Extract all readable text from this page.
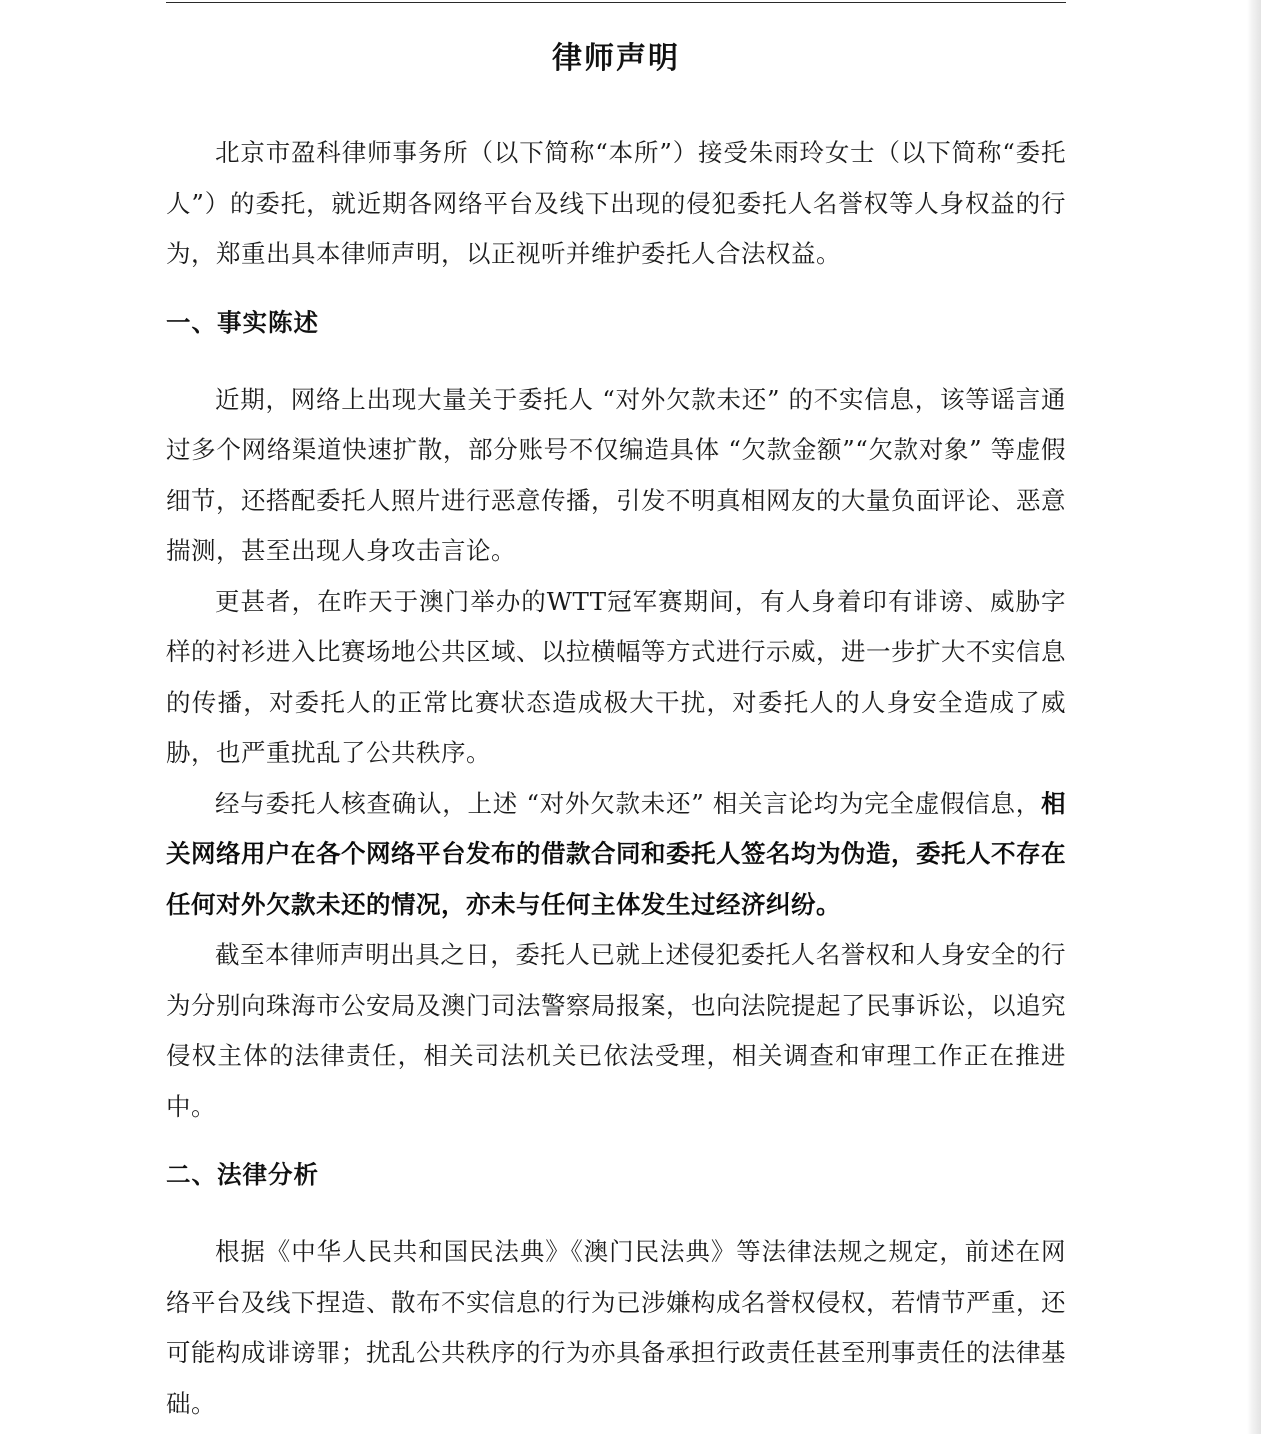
律师声明

北京市盈科律师事务所（以下简称“本所”）接受朱雨玲女士（以下简称“委托人”）的委托，就近期各网络平台及线下出现的侵犯委托人名誉权等人身权益的行为，郑重出具本律师声明，以正视听并维护委托人合法权益。

一、事实陈述

近期，网络上出现大量关于委托人 “对外欠款未还” 的不实信息，该等谣言通过多个网络渠道快速扩散，部分账号不仅编造具体 “欠款金额”“欠款对象” 等虚假细节，还搭配委托人照片进行恶意传播，引发不明真相网友的大量负面评论、恶意揣测，甚至出现人身攻击言论。

更甚者，在昨天于澳门举办的WTT冠军赛期间，有人身着印有诽谤、威胁字样的衬衫进入比赛场地公共区域、以拉横幅等方式进行示威，进一步扩大不实信息的传播，对委托人的正常比赛状态造成极大干扰，对委托人的人身安全造成了威胁，也严重扰乱了公共秩序。

经与委托人核查确认，上述 “对外欠款未还” 相关言论均为完全虚假信息，相关网络用户在各个网络平台发布的借款合同和委托人签名均为伪造，委托人不存在任何对外欠款未还的情况，亦未与任何主体发生过经济纠纷。

截至本律师声明出具之日，委托人已就上述侵犯委托人名誉权和人身安全的行为分别向珠海市公安局及澳门司法警察局报案，也向法院提起了民事诉讼，以追究侵权主体的法律责任，相关司法机关已依法受理，相关调查和审理工作正在推进中。

二、法律分析

根据《中华人民共和国民法典》《澳门民法典》等法律法规之规定，前述在网络平台及线下捏造、散布不实信息的行为已涉嫌构成名誉权侵权，若情节严重，还可能构成诽谤罪；扰乱公共秩序的行为亦具备承担行政责任甚至刑事责任的法律基础。
